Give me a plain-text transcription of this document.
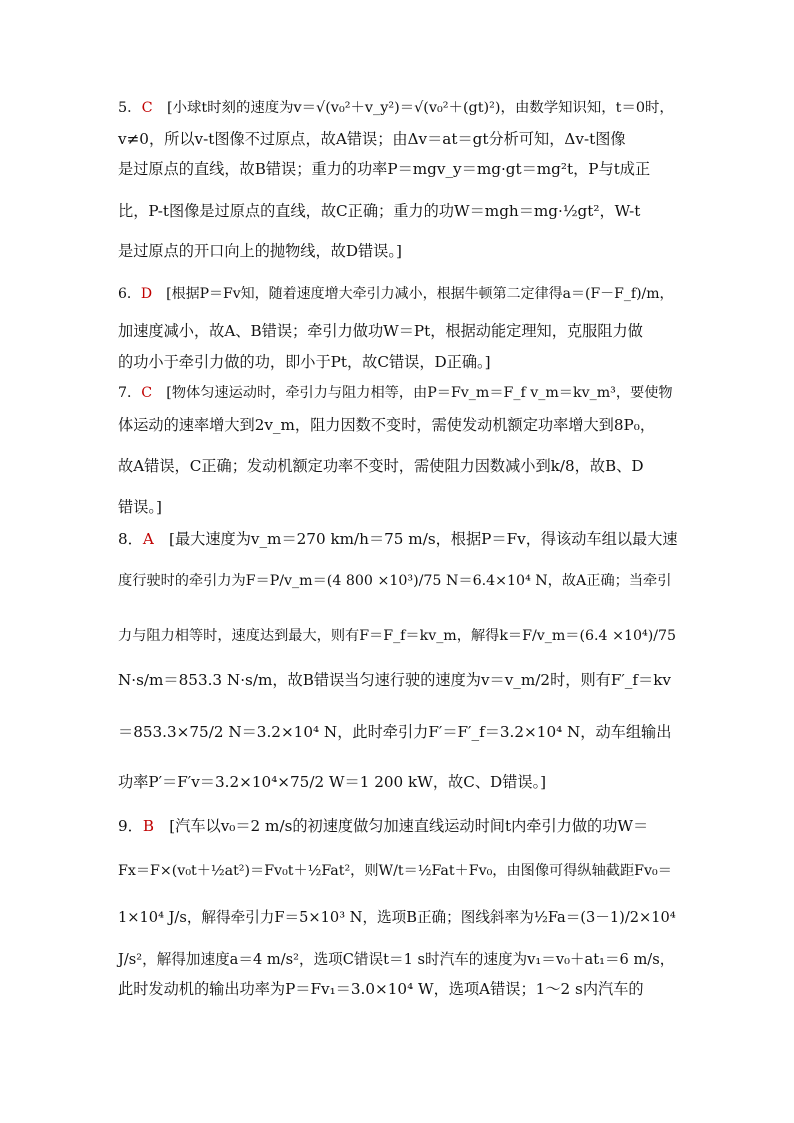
5．C　 [小球t时刻的速度为v＝√(v₀²＋v_y²)＝√(v₀²＋(gt)²)，由数学知识知，t＝0时，
v≠0，所以v-t图像不过原点，故A错误；由Δv＝at＝gt分析可知，Δv-t图像
是过原点的直线，故B错误；重力的功率P＝mgv_y＝mg·gt＝mg²t，P与t成正
比，P-t图像是过原点的直线，故C正确；重力的功W＝mgh＝mg·½gt²，W-t
是过原点的开口向上的抛物线，故D错误。]
6．D　 [根据P＝Fv知，随着速度增大牵引力减小，根据牛顿第二定律得a＝(F－F_f)/m，
加速度减小，故A、B错误；牵引力做功W＝Pt，根据动能定理知，克服阻力做
的功小于牵引力做的功，即小于Pt，故C错误，D正确。]
7．C　 [物体匀速运动时，牵引力与阻力相等，由P＝Fv_m＝F_f v_m＝kv_m³，要使物
体运动的速率增大到2v_m，阻力因数不变时，需使发动机额定功率增大到8P₀，
故A错误，C正确；发动机额定功率不变时，需使阻力因数减小到k/8，故B、D
错误。]
8．A　 [最大速度为v_m＝270 km/h＝75 m/s，根据P＝Fv，得该动车组以最大速
度行驶时的牵引力为F＝P/v_m＝(4 800 ×10³)/75 N＝6.4×10⁴ N，故A正确；当牵引
力与阻力相等时，速度达到最大，则有F＝F_f＝kv_m，解得k＝F/v_m＝(6.4 ×10⁴)/75
N·s/m＝853.3 N·s/m，故B错误当匀速行驶的速度为v＝v_m/2时，则有F′_f＝kv
＝853.3×75/2 N＝3.2×10⁴ N，此时牵引力F′＝F′_f＝3.2×10⁴ N，动车组输出
功率P′＝F′v＝3.2×10⁴×75/2 W＝1 200 kW，故C、D错误。]
9．B　 [汽车以v₀＝2 m/s的初速度做匀加速直线运动时间t内牵引力做的功W＝
Fx＝F×(v₀t＋½at²)＝Fv₀t＋½Fat²，则W/t＝½Fat＋Fv₀，由图像可得纵轴截距Fv₀＝
1×10⁴ J/s，解得牵引力F＝5×10³ N，选项B正确；图线斜率为½Fa＝(3－1)/2×10⁴
J/s²，解得加速度a＝4 m/s²，选项C错误t＝1 s时汽车的速度为v₁＝v₀＋at₁＝6 m/s，
此时发动机的输出功率为P＝Fv₁＝3.0×10⁴ W，选项A错误；1～2 s内汽车的
